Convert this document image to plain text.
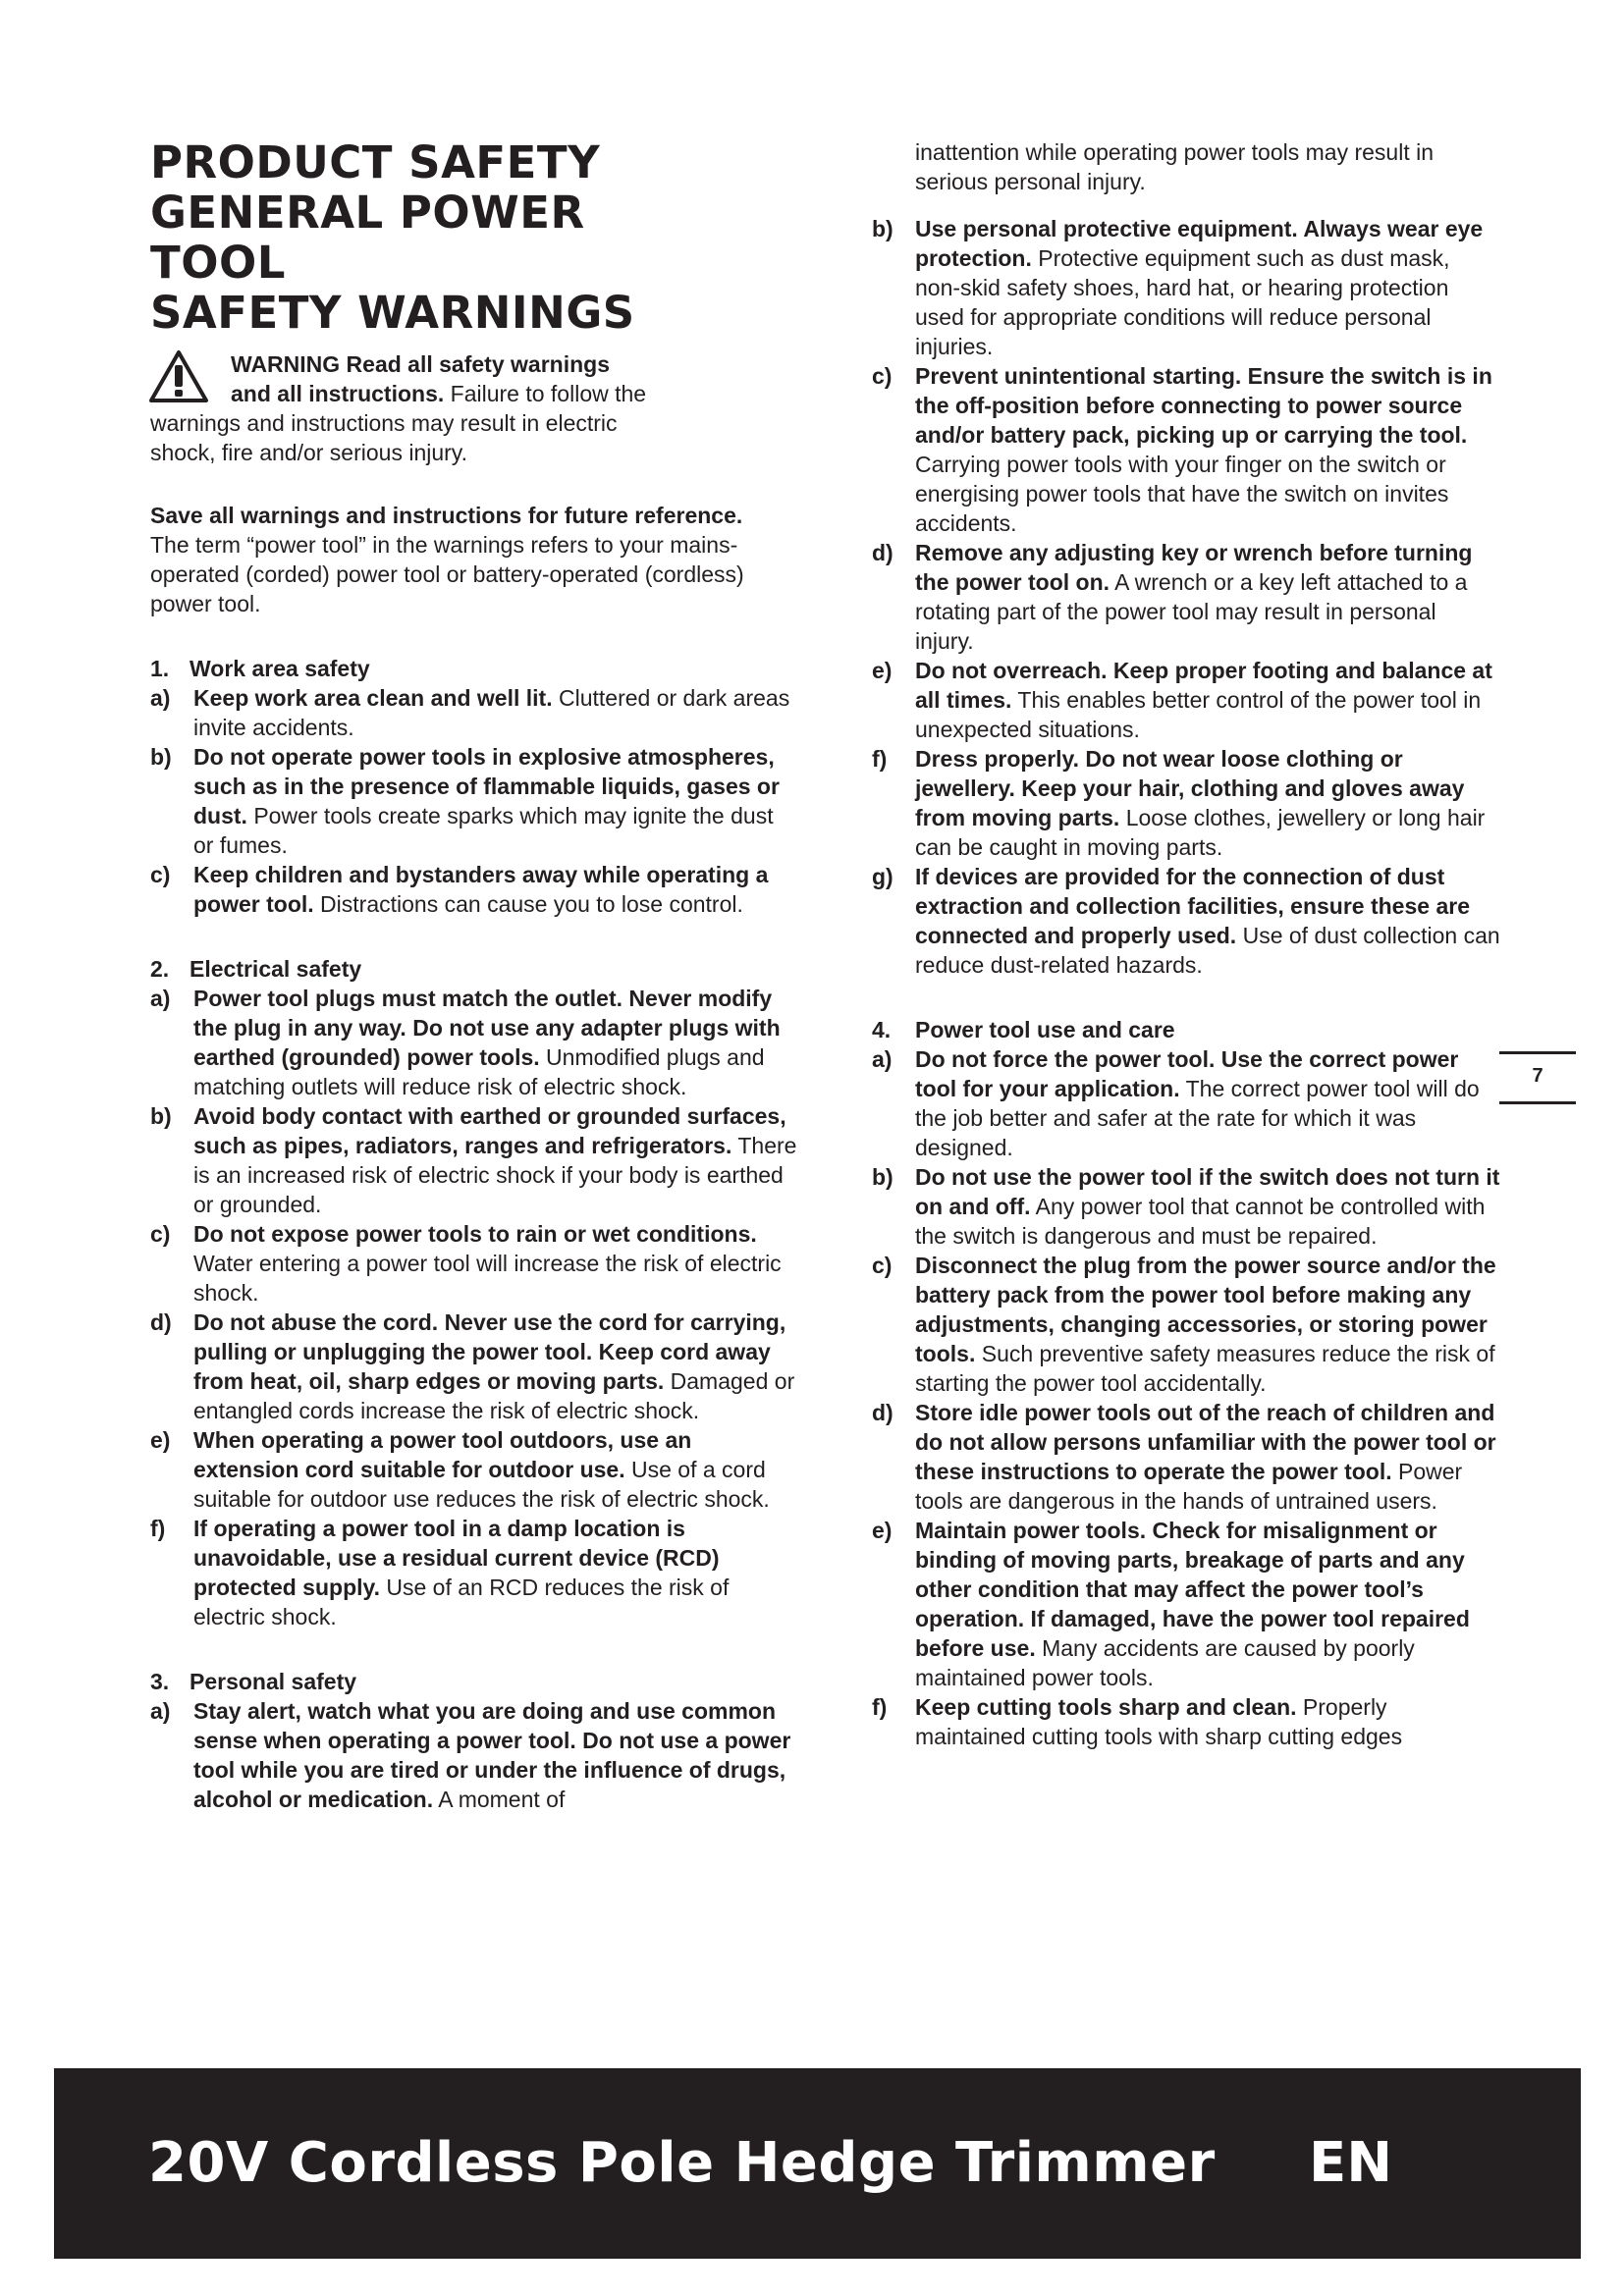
PRODUCT SAFETY
GENERAL POWER TOOL
SAFETY WARNINGS

WARNING Read all safety warnings

and all instructions. Failure to follow the

warnings and instructions may result in electric

shock, fire and/or serious injury.

Save all warnings and instructions for future reference.

The term “power tool” in the warnings refers to your mains-operated (corded) power tool or battery-operated (cordless) power tool.

1. Work area safety
a)	Keep work area clean and well lit. Cluttered or dark areas invite accidents.
b) Do not operate power tools in explosive atmospheres, such as in the presence of flammable liquids, gases or dust. Power tools create sparks which may ignite the dust or fumes.
c)	Keep children and bystanders away while operating a power tool. Distractions can cause you to lose control.
2. Electrical safety
a)	Power tool plugs must match the outlet. Never modify the plug in any way. Do not use any adapter plugs with earthed (grounded) power tools. Unmodified plugs and matching outlets will reduce risk of electric shock.
b) Avoid body contact with earthed or grounded surfaces, such as pipes, radiators, ranges and refrigerators. There is an increased risk of electric shock if your body is earthed or grounded.
c)	Do not expose power tools to rain or wet conditions. Water entering a power tool will increase the risk of electric shock.
d) Do not abuse the cord. Never use the cord for carrying, pulling or unplugging the power tool. Keep cord away from heat, oil, sharp edges or moving parts. Damaged or entangled cords increase the risk of electric shock.
e)	When operating a power tool outdoors, use an extension cord suitable for outdoor use. Use of a cord suitable for outdoor use reduces the risk of electric shock.
f)	If operating a power tool in a damp location is unavoidable, use a residual current device (RCD) protected supply. Use of an RCD reduces the risk of electric shock.
3. Personal safety
a)	Stay alert, watch what you are doing and use common sense when operating a power tool. Do not use a power tool while you are tired or under the influence of drugs, alcohol or medication. A moment of
inattention while operating power tools may result in serious personal injury.
b) Use personal protective equipment. Always wear eye protection. Protective equipment such as dust mask, non-skid safety shoes, hard hat, or hearing protection used for appropriate conditions will reduce personal injuries.
c)	Prevent unintentional starting. Ensure the switch is in the off-position before connecting to power source and/or battery pack, picking up or carrying the tool. Carrying power tools with your finger on the switch or energising power tools that have the switch on invites accidents.
d) Remove any adjusting key or wrench before turning the power tool on. A wrench or a key left attached to a rotating part of the power tool may result in personal injury.
e)	Do not overreach. Keep proper footing and balance at all times. This enables better control of the power tool in unexpected situations.
f)	Dress properly. Do not wear loose clothing or jewellery. Keep your hair, clothing and gloves away from moving parts. Loose clothes, jewellery or long hair can be caught in moving parts.
g) If devices are provided for the connection of dust extraction and collection facilities, ensure these are connected and properly used. Use of dust collection can reduce dust-related hazards.
4.	Power tool use and care
a)	Do not force the power tool. Use the correct power tool for your application. The correct power tool will do the job better and safer at the rate for which it was designed.
b) Do not use the power tool if the switch does not turn it on and off. Any power tool that cannot be controlled with the switch is dangerous and must be repaired.
c)	Disconnect the plug from the power source and/or the battery pack from the power tool before making any adjustments, changing accessories, or storing power tools. Such preventive safety measures reduce the risk of starting the power tool accidentally.
d) Store idle power tools out of the reach of children and do not allow persons unfamiliar with the power tool or these instructions to operate the power tool. Power tools are dangerous in the hands of untrained users.
e)	Maintain power tools. Check for misalignment or binding of moving parts, breakage of parts and any other condition that may affect the power tool’s operation. If damaged, have the power tool repaired before use. Many accidents are caused by poorly maintained power tools.
f)	Keep cutting tools sharp and clean. Properly maintained cutting tools with sharp cutting edges
7
20V Cordless Pole Hedge Trimmer EN
